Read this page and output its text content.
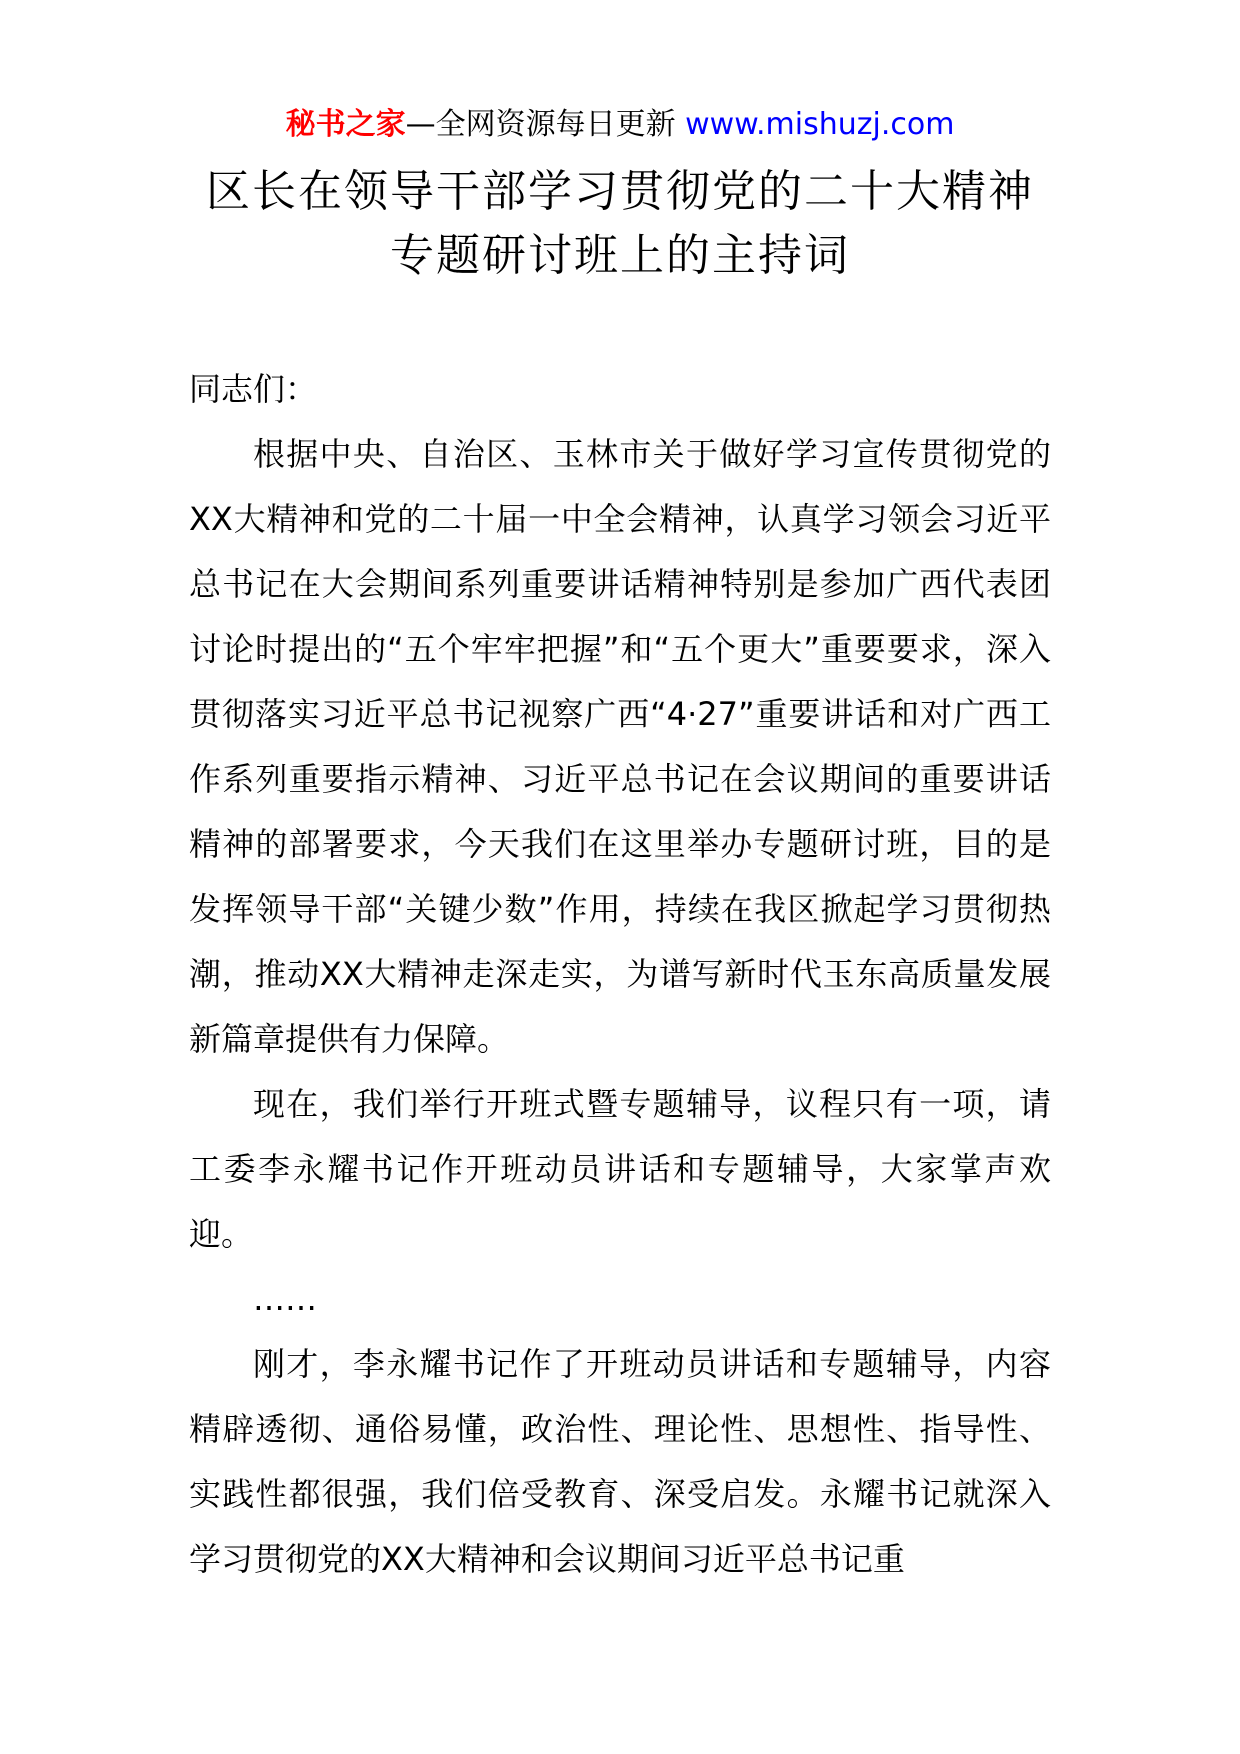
秘书之家—全网资源每日更新 www.mishuzj.com
区长在领导干部学习贯彻党的二十大精神
专题研讨班上的主持词

同志们：

根据中央、自治区、玉林市关于做好学习宣传贯彻党的XX大精神和党的二十届一中全会精神，认真学习领会习近平总书记在大会期间系列重要讲话精神特别是参加广西代表团讨论时提出的“五个牢牢把握”和“五个更大”重要要求，深入贯彻落实习近平总书记视察广西“4·27”重要讲话和对广西工作系列重要指示精神、习近平总书记在会议期间的重要讲话精神的部署要求，今天我们在这里举办专题研讨班，目的是发挥领导干部“关键少数”作用，持续在我区掀起学习贯彻热潮，推动XX大精神走深走实，为谱写新时代玉东高质量发展新篇章提供有力保障。

现在，我们举行开班式暨专题辅导，议程只有一项，请工委李永耀书记作开班动员讲话和专题辅导，大家掌声欢迎。

……

刚才，李永耀书记作了开班动员讲话和专题辅导，内容精辟透彻、通俗易懂，政治性、理论性、思想性、指导性、实践性都很强，我们倍受教育、深受启发。永耀书记就深入学习贯彻党的XX大精神和会议期间习近平总书记重
